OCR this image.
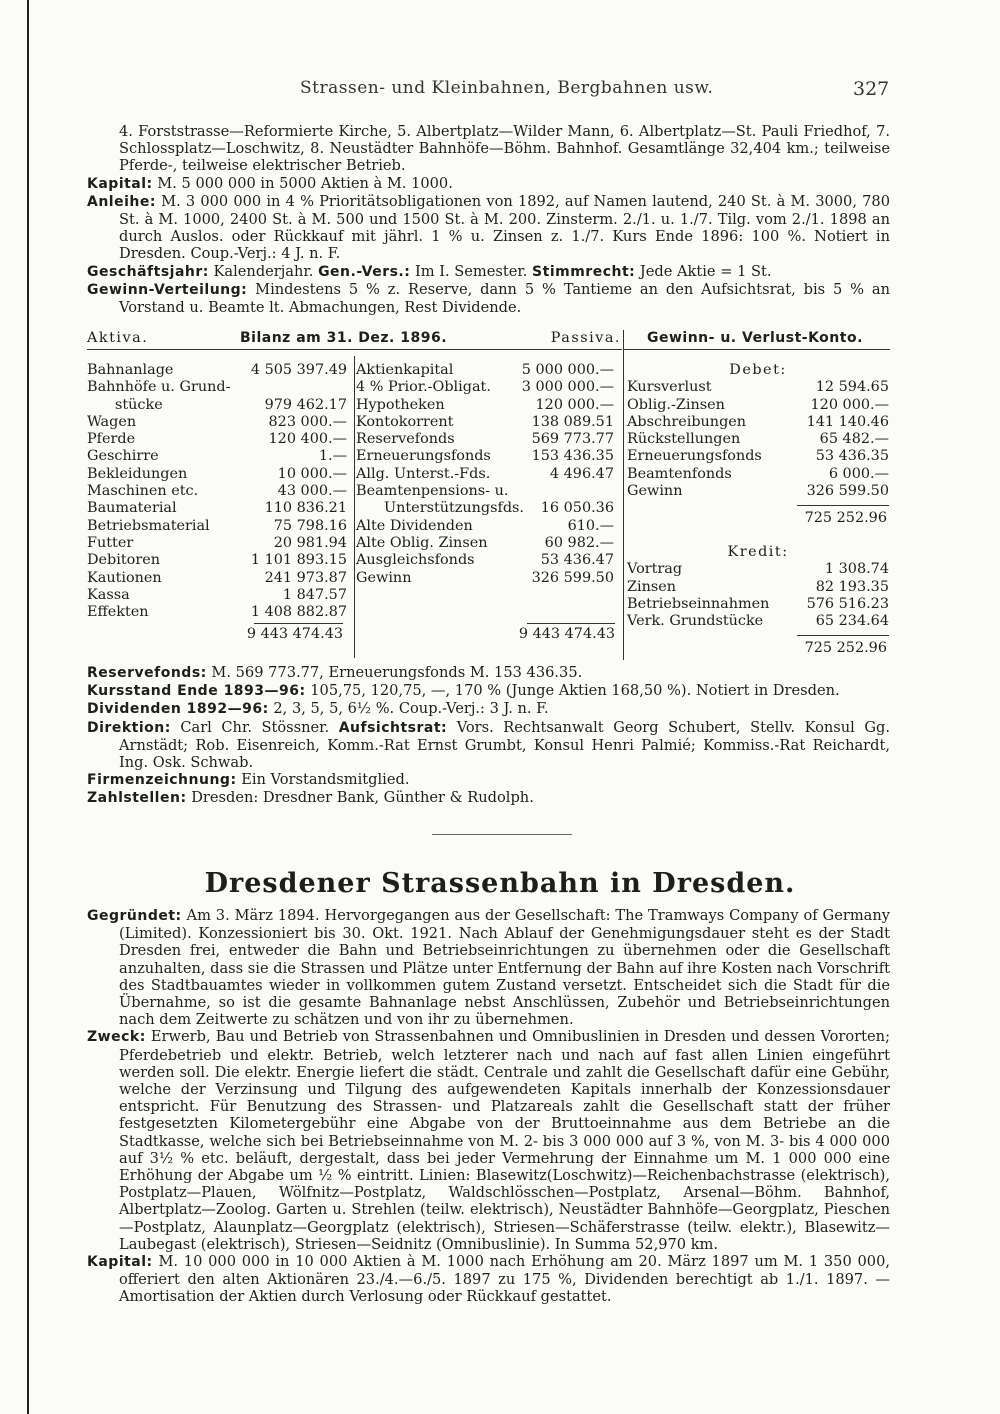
Strassen- und Kleinbahnen, Bergbahnen usw.	327
4. Forststrasse—Reformierte Kirche, 5. Albertplatz—Wilder Mann, 6. Albertplatz—St. Pauli Friedhof, 7. Schlossplatz—Loschwitz, 8. Neustädter Bahnhöfe—Böhm. Bahnhof. Gesamtlänge 32,404 km.; teilweise Pferde-, teilweise elektrischer Betrieb.
Kapital: M. 5 000 000 in 5000 Aktien à M. 1000.
Anleihe: M. 3 000 000 in 4 % Prioritätsobligationen von 1892, auf Namen lautend, 240 St. à M. 3000, 780 St. à M. 1000, 2400 St. à M. 500 und 1500 St. à M. 200. Zinsterm. 2./1. u. 1./7. Tilg. vom 2./1. 1898 an durch Auslos. oder Rückkauf mit jährl. 1 % u. Zinsen z. 1./7. Kurs Ende 1896: 100 %. Notiert in Dresden. Coup.-Verj.: 4 J. n. F.
Geschäftsjahr: Kalenderjahr. Gen.-Vers.: Im I. Semester. Stimmrecht: Jede Aktie = 1 St.
Gewinn-Verteilung: Mindestens 5 % z. Reserve, dann 5 % Tantieme an den Aufsichtsrat, bis 5 % an Vorstand u. Beamte lt. Abmachungen, Rest Dividende.
Aktiva.	Bilanz am 31. Dez. 1896.	Passiva.
Bahnanlage	4 505 397.49
Bahnhöfe u. Grund-
stücke	979 462.17
Wagen	823 000.—
Pferde	120 400.—
Geschirre	1.—
Bekleidungen	10 000.—
Maschinen etc.	43 000.—
Baumaterial	110 836.21
Betriebsmaterial	75 798.16
Futter	20 981.94
Debitoren	1 101 893.15
Kautionen	241 973.87
Kassa	1 847.57
Effekten	1 408 882.87
Aktienkapital	5 000 000.—
4 % Prior.-Obligat. 3 000 000.—
Hypotheken	120 000.—
Kontokorrent	138 089.51
Reservefonds	569 773.77
Erneuerungsfonds	153 436.35
Allg. Unterst.-Fds.	4 496.47
Beamtenpensions- u.
Unterstützungsfds. 16 050.36
Alte Dividenden	610.—
Alte Oblig. Zinsen	60 982.—
Ausgleichsfonds	53 436.47
Gewinn	326 599.50
9 443 474.43	9 443 474.43
Gewinn- u. Verlust-Konto.
Debet:
Kursverlust	12 594.65
Oblig.-Zinsen	120 000.—
Abschreibungen	141 140.46
Rückstellungen	65 482.—
Erneuerungsfonds	53 436.35
Beamtenfonds	6 000.—
Gewinn	326 599.50
725 252.96
Kredit:
Vortrag	1 308.74
Zinsen	82 193.35
Betriebseinnahmen	576 516.23
Verk. Grundstücke	65 234.64
725 252.96
Reservefonds: M. 569 773.77, Erneuerungsfonds M. 153 436.35.
Kursstand Ende 1893—96: 105,75, 120,75, —, 170 % (Junge Aktien 168,50 %). Notiert in Dresden.
Dividenden 1892—96: 2, 3, 5, 5, 6½ %. Coup.-Verj.: 3 J. n. F.
Direktion: Carl Chr. Stössner. Aufsichtsrat: Vors. Rechtsanwalt Georg Schubert, Stellv. Konsul Gg. Arnstädt; Rob. Eisenreich, Komm.-Rat Ernst Grumbt, Konsul Henri Palmié; Kommiss.-Rat Reichardt, Ing. Osk. Schwab.
Firmenzeichnung: Ein Vorstandsmitglied.
Zahlstellen: Dresden: Dresdner Bank, Günther & Rudolph.
Dresdener Strassenbahn in Dresden.
Gegründet: Am 3. März 1894. Hervorgegangen aus der Gesellschaft: The Tramways Company of Germany (Limited). Konzessioniert bis 30. Okt. 1921. Nach Ablauf der Genehmigungsdauer steht es der Stadt Dresden frei, entweder die Bahn und Betriebseinrichtungen zu übernehmen oder die Gesellschaft anzuhalten, dass sie die Strassen und Plätze unter Entfernung der Bahn auf ihre Kosten nach Vorschrift des Stadtbauamtes wieder in vollkommen gutem Zustand versetzt. Entscheidet sich die Stadt für die Übernahme, so ist die gesamte Bahnanlage nebst Anschlüssen, Zubehör und Betriebseinrichtungen nach dem Zeitwerte zu schätzen und von ihr zu übernehmen.
Zweck: Erwerb, Bau und Betrieb von Strassenbahnen und Omnibuslinien in Dresden und dessen Vororten; Pferdebetrieb und elektr. Betrieb, welch letzterer nach und nach auf fast allen Linien eingeführt werden soll. Die elektr. Energie liefert die städt. Centrale und zahlt die Gesellschaft dafür eine Gebühr, welche der Verzinsung und Tilgung des aufgewendeten Kapitals innerhalb der Konzessionsdauer entspricht. Für Benutzung des Strassen- und Platzareals zahlt die Gesellschaft statt der früher festgesetzten Kilometergebühr eine Abgabe von der Bruttoeinnahme aus dem Betriebe an die Stadtkasse, welche sich bei Betriebseinnahme von M. 2- bis 3 000 000 auf 3 %, von M. 3- bis 4 000 000 auf 3½ % etc. beläuft, dergestalt, dass bei jeder Vermehrung der Einnahme um M. 1 000 000 eine Erhöhung der Abgabe um ½ % eintritt. Linien: Blasewitz(Loschwitz)—Reichenbachstrasse (elektrisch), Postplatz—Plauen, Wölfnitz—Postplatz, Waldschlösschen—Postplatz, Arsenal—Böhm. Bahnhof, Albertplatz—Zoolog. Garten u. Strehlen (teilw. elektrisch), Neustädter Bahnhöfe—Georgplatz, Pieschen—Postplatz, Alaunplatz—Georgplatz (elektrisch), Striesen—Schäferstrasse (teilw. elektr.), Blasewitz—Laubegast (elektrisch), Striesen—Seidnitz (Omnibuslinie). In Summa 52,970 km.
Kapital: M. 10 000 000 in 10 000 Aktien à M. 1000 nach Erhöhung am 20. März 1897 um M. 1 350 000, offeriert den alten Aktionären 23./4.—6./5. 1897 zu 175 %, Dividenden berechtigt ab 1./1. 1897. — Amortisation der Aktien durch Verlosung oder Rückkauf gestattet.
